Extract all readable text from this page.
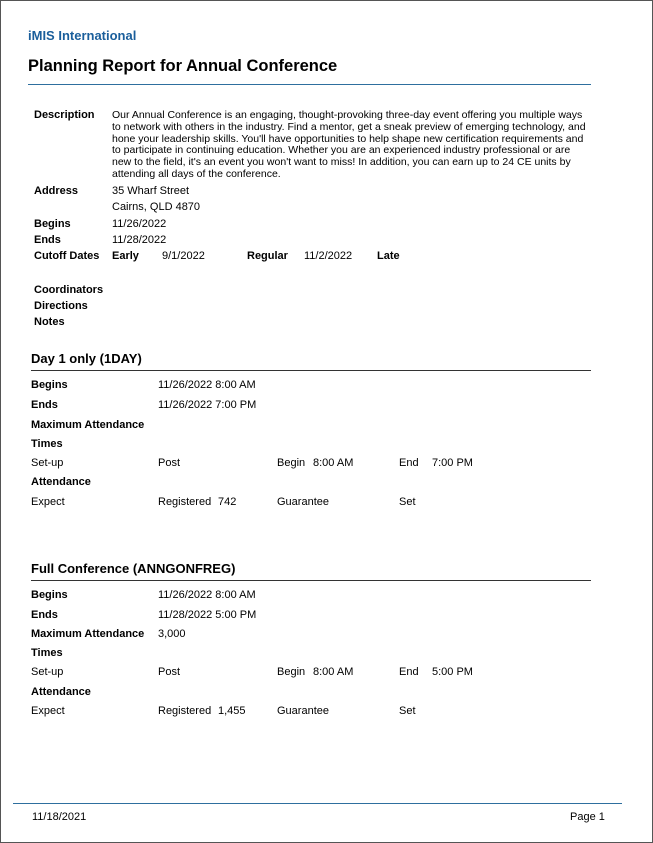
iMIS International
Planning Report for Annual Conference
Description Our Annual Conference is an engaging, thought-provoking three-day event offering you multiple ways to network with others in the industry. Find a mentor, get a sneak preview of emerging technology, and hone your leadership skills. You'll have opportunities to help shape new certification requirements and to participate in continuing education. Whether you are an experienced industry professional or are new to the field, it's an event you won't want to miss! In addition, you can earn up to 24 CE units by attending all days of the conference.
Address	35 Wharf Street
Cairns, QLD 4870
Begins	11/26/2022
Ends	11/28/2022
Cutoff Dates Early 9/1/2022	Regular 11/2/2022 Late
Coordinators
Directions
Notes
Day 1 only (1DAY)
Begins	11/26/2022 8:00 AM
Ends	11/26/2022 7:00 PM
Maximum Attendance
Times
Set-up	Post	Begin 8:00 AM	End 7:00 PM
Attendance
Expect	Registered 742	Guarantee	Set
Full Conference (ANNGONFREG)
Begins	11/26/2022 8:00 AM
Ends	11/28/2022 5:00 PM
Maximum Attendance 3,000
Times
Set-up	Post	Begin 8:00 AM	End 5:00 PM
Attendance
Expect	Registered 1,455	Guarantee	Set
11/18/2021	Page 1
